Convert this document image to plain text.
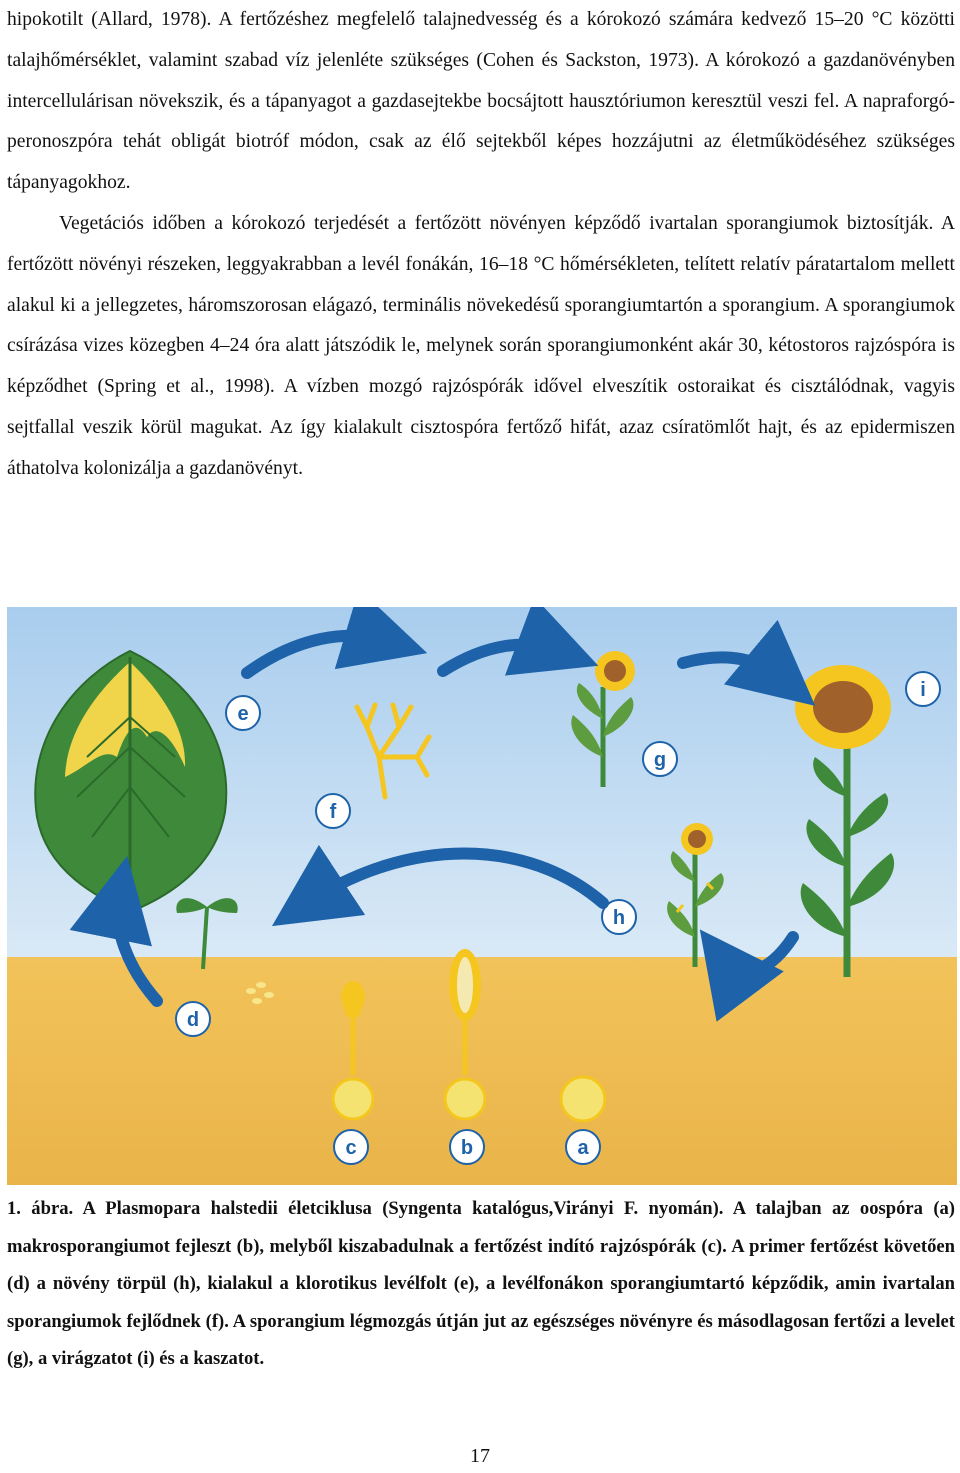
hipokotilt (Allard, 1978). A fertőzéshez megfelelő talajnedvesség és a kórokozó számára kedvező 15–20 °C közötti talajhőmérséklet, valamint szabad víz jelenléte szükséges (Cohen és Sackston, 1973). A kórokozó a gazdanövényben intercellulárisan növekszik, és a tápanyagot a gazdasejtekbe bocsájtott hausztóriumon keresztül veszi fel. A napraforgó-peronoszpóra tehát obligát biotróf módon, csak az élő sejtekből képes hozzájutni az életműködéséhez szükséges tápanyagokhoz.

Vegetációs időben a kórokozó terjedését a fertőzött növényen képződő ivartalan sporangiumok biztosítják. A fertőzött növényi részeken, leggyakrabban a levél fonákán, 16–18 °C hőmérsékleten, telített relatív páratartalom mellett alakul ki a jellegzetes, háromszorosan elágazó, terminális növekedésű sporangiumtartón a sporangium. A sporangiumok csírázása vizes közegben 4–24 óra alatt játszódik le, melynek során sporangiumonként akár 30, kétostoros rajzóspóra is képződhet (Spring et al., 1998). A vízben mozgó rajzóspórák idővel elveszítik ostoraikat és cisztálódnak, vagyis sejtfallal veszik körül magukat. Az így kialakult cisztospóra fertőző hifát, azaz csíratömlőt hajt, és az epidermiszen áthatolva kolonizálja a gazdanövényt.

e
f
g
i
h
d
c	b	a

1. ábra. A Plasmopara halstedii életciklusa (Syngenta katalógus,Virányi F. nyomán). A talajban az oospóra (a) makrosporangiumot fejleszt (b), melyből kiszabadulnak a fertőzést indító rajzóspórák (c). A primer fertőzést követően (d) a növény törpül (h), kialakul a klorotikus levélfolt (e), a levélfonákon sporangiumtartó képződik, amin ivartalan sporangiumok fejlődnek (f). A sporangium légmozgás útján jut az egészséges növényre és másodlagosan fertőzi a levelet (g), a virágzatot (i) és a kaszatot.

17
